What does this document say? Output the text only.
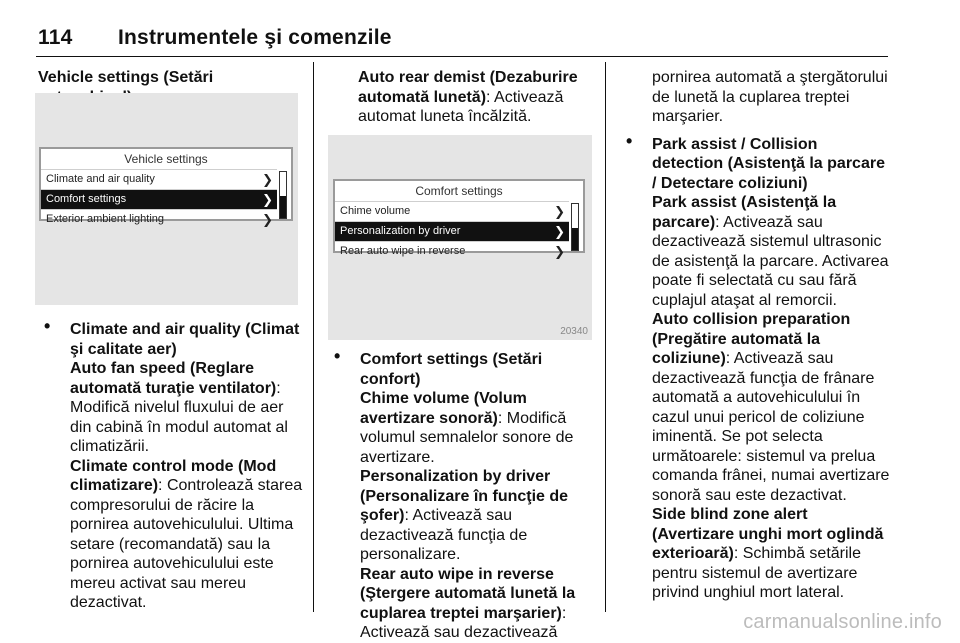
114 Instrumentele şi comenzile
Vehicle settings (Setări
Vehicle settings
Climate and air quality	❯
Comfort settings	❯
Exterior ambient lighting	❯
• Climate and air quality (Climat şi calitate aer)

Auto fan speed (Reglare automată turaţie ventilator): Modifică nivelul fluxului de aer din cabină în modul automat al climatizării.

Climate control mode (Mod climatizare): Controlează starea compresorului de răcire la pornirea autovehiculului. Ultima setare (recomandată) sau la pornirea autovehiculului este mereu activat sau mereu dezactivat.

Auto rear demist (Dezaburire automată lunetă): Activează automat luneta încălzită.

Comfort settings
Chime volume	❯
Personalization by driver	❯
Rear auto wipe in reverse	❯
20340
• Comfort settings (Setări confort)

Chime volume (Volum avertizare sonoră): Modifică volumul semnalelor sonore de avertizare.

Personalization by driver (Personalizare în funcţie de şofer): Activează sau dezactivează funcţia de personalizare.

Rear auto wipe in reverse (Ştergere automată lunetă la cuplarea treptei marşarier): Activează sau dezactivează

pornirea automată a ştergătorului de lunetă la cuplarea treptei marşarier.

• Park assist / Collision detection (Asistenţă la parcare / Detectare coliziuni)

Park assist (Asistenţă la parcare): Activează sau dezactivează sistemul ultrasonic de asistenţă la parcare. Activarea poate fi selectată cu sau fără cuplajul ataşat al remorcii.

Auto collision preparation (Pregătire automată la coliziune): Activează sau dezactivează funcţia de frânare automată a autovehiculului în cazul unui pericol de coliziune iminentă. Se pot selecta următoarele: sistemul va prelua comanda frânei, numai avertizare sonoră sau este dezactivat.

Side blind zone alert (Avertizare unghi mort oglindă exterioară): Schimbă setările pentru sistemul de avertizare privind unghiul mort lateral.

carmanualsonline.info
